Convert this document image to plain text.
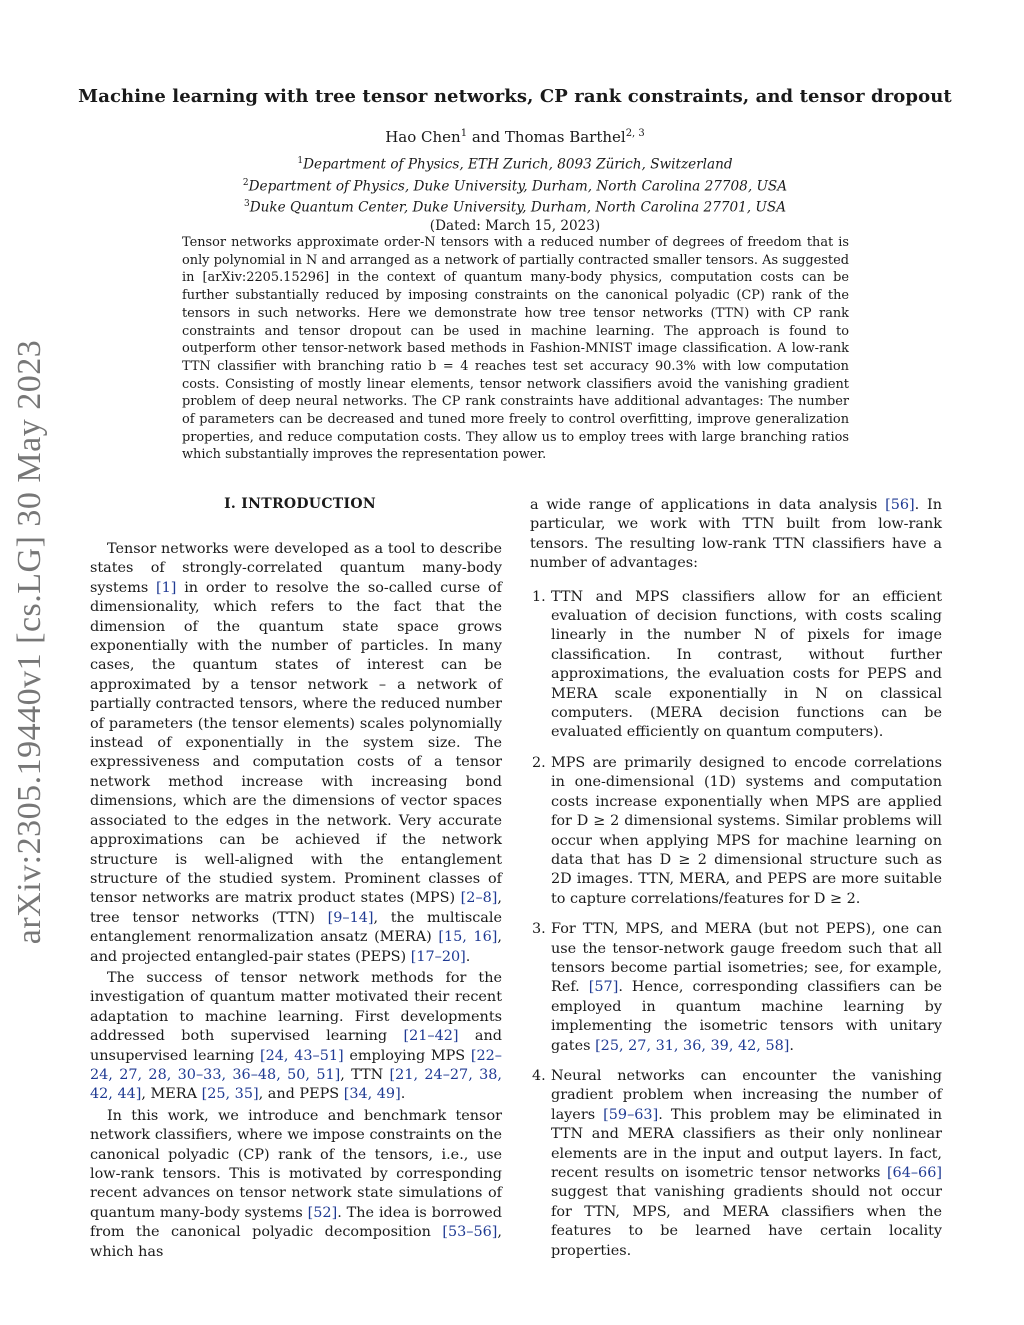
arXiv:2305.19440v1 [cs.LG] 30 May 2023
Machine learning with tree tensor networks, CP rank constraints, and tensor dropout
Hao Chen$^1$ and Thomas Barthel$^{2, 3}$
$^1$Department of Physics, ETH Zurich, 8093 Zürich, Switzerland
$^2$Department of Physics, Duke University, Durham, North Carolina 27708, USA
$^3$Duke Quantum Center, Duke University, Durham, North Carolina 27701, USA
(Dated: March 15, 2023)
Tensor networks approximate order-N tensors with a reduced number of degrees of freedom that is only polynomial in N and arranged as a network of partially contracted smaller tensors. As suggested in [arXiv:2205.15296] in the context of quantum many-body physics, computation costs can be further substantially reduced by imposing constraints on the canonical polyadic (CP) rank of the tensors in such networks. Here we demonstrate how tree tensor networks (TTN) with CP rank constraints and tensor dropout can be used in machine learning. The approach is found to outperform other tensor-network based methods in Fashion-MNIST image classification. A low-rank TTN classifier with branching ratio b = 4 reaches test set accuracy 90.3% with low computation costs. Consisting of mostly linear elements, tensor network classifiers avoid the vanishing gradient problem of deep neural networks. The CP rank constraints have additional advantages: The number of parameters can be decreased and tuned more freely to control overfitting, improve generalization properties, and reduce computation costs. They allow us to employ trees with large branching ratios which substantially improves the representation power.
I. INTRODUCTION

Tensor networks were developed as a tool to describe states of strongly-correlated quantum many-body systems [1] in order to resolve the so-called curse of dimensionality, which refers to the fact that the dimension of the quantum state space grows exponentially with the number of particles. In many cases, the quantum states of interest can be approximated by a tensor network – a network of partially contracted tensors, where the reduced number of parameters (the tensor elements) scales polynomially instead of exponentially in the system size. The expressiveness and computation costs of a tensor network method increase with increasing bond dimensions, which are the dimensions of vector spaces associated to the edges in the network. Very accurate approximations can be achieved if the network structure is well-aligned with the entanglement structure of the studied system. Prominent classes of tensor networks are matrix product states (MPS) [2–8], tree tensor networks (TTN) [9–14], the multiscale entanglement renormalization ansatz (MERA) [15, 16], and projected entangled-pair states (PEPS) [17–20].

The success of tensor network methods for the investigation of quantum matter motivated their recent adaptation to machine learning. First developments addressed both supervised learning [21–42] and unsupervised learning [24, 43–51] employing MPS [22–24, 27, 28, 30–33, 36–48, 50, 51], TTN [21, 24–27, 38, 42, 44], MERA [25, 35], and PEPS [34, 49].

In this work, we introduce and benchmark tensor network classifiers, where we impose constraints on the canonical polyadic (CP) rank of the tensors, i.e., use low-rank tensors. This is motivated by corresponding recent advances on tensor network state simulations of quantum many-body systems [52]. The idea is borrowed from the canonical polyadic decomposition [53–56], which has

a wide range of applications in data analysis [56]. In particular, we work with TTN built from low-rank tensors. The resulting low-rank TTN classifiers have a number of advantages:

1. TTN and MPS classifiers allow for an efficient evaluation of decision functions, with costs scaling linearly in the number N of pixels for image classification. In contrast, without further approximations, the evaluation costs for PEPS and MERA scale exponentially in N on classical computers. (MERA decision functions can be evaluated efficiently on quantum computers).
2. MPS are primarily designed to encode correlations in one-dimensional (1D) systems and computation costs increase exponentially when MPS are applied for D ≥ 2 dimensional systems. Similar problems will occur when applying MPS for machine learning on data that has D ≥ 2 dimensional structure such as 2D images. TTN, MERA, and PEPS are more suitable to capture correlations/features for D ≥ 2.
3. For TTN, MPS, and MERA (but not PEPS), one can use the tensor-network gauge freedom such that all tensors become partial isometries; see, for example, Ref. [57]. Hence, corresponding classifiers can be employed in quantum machine learning by implementing the isometric tensors with unitary gates [25, 27, 31, 36, 39, 42, 58].
4. Neural networks can encounter the vanishing gradient problem when increasing the number of layers [59–63]. This problem may be eliminated in TTN and MERA classifiers as their only nonlinear elements are in the input and output layers. In fact, recent results on isometric tensor networks [64–66] suggest that vanishing gradients should not occur for TTN, MPS, and MERA classifiers when the features to be learned have certain locality properties.
